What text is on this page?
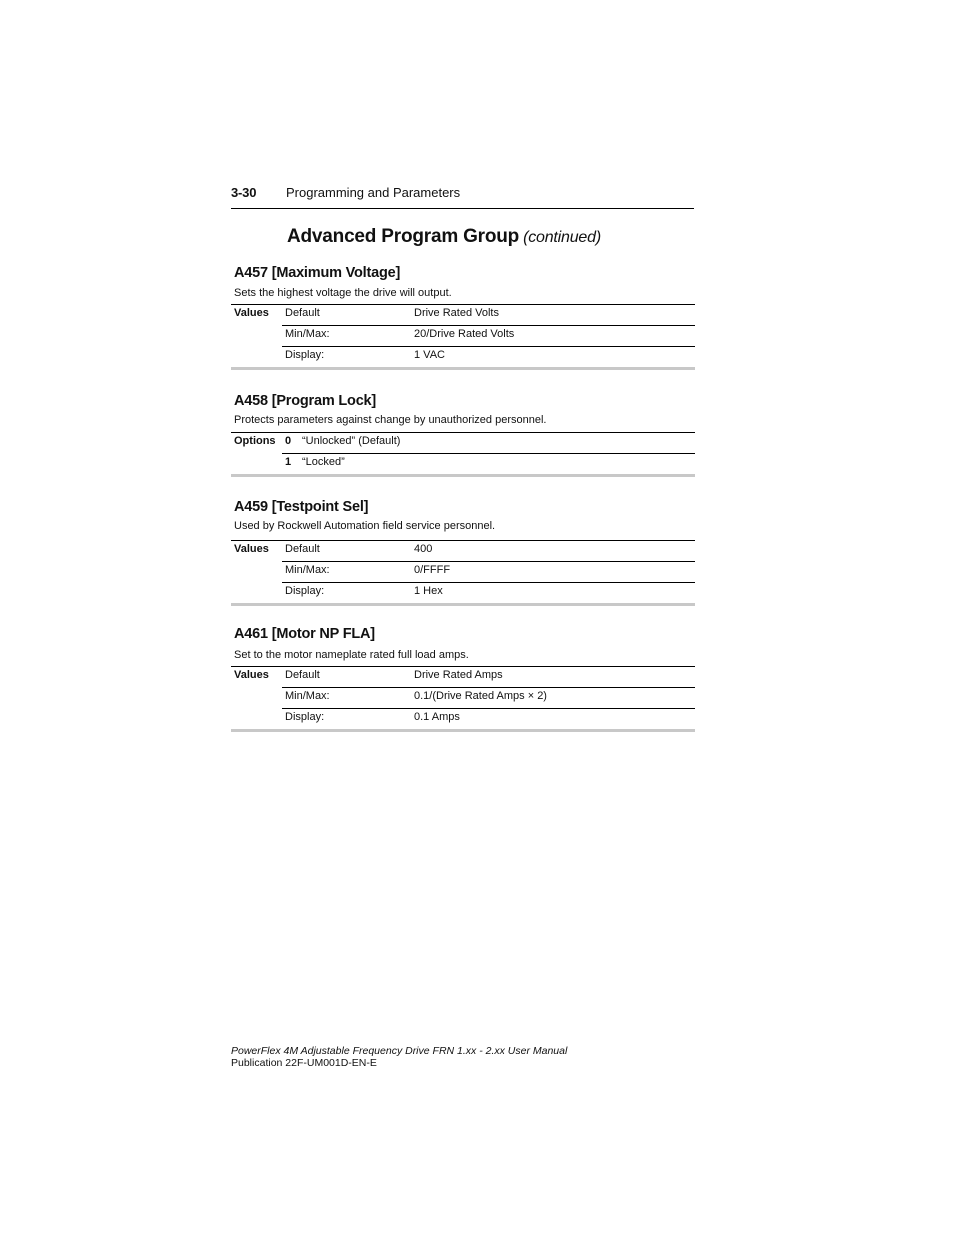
3-30 Programming and Parameters
Advanced Program Group (continued)
A457 [Maximum Voltage]
Sets the highest voltage the drive will output.
Values Default	Drive Rated Volts
Min/Max:	20/Drive Rated Volts
Display:	1 VAC
A458 [Program Lock]
Protects parameters against change by unauthorized personnel.
Options 0 “Unlocked” (Default)
1 “Locked”
A459 [Testpoint Sel]
Used by Rockwell Automation field service personnel.
Values Default	400
Min/Max:	0/FFFF
Display:	1 Hex
A461 [Motor NP FLA]
Set to the motor nameplate rated full load amps.
Values Default	Drive Rated Amps
Min/Max:	0.1/(Drive Rated Amps × 2)
Display:	0.1 Amps
PowerFlex 4M Adjustable Frequency Drive FRN 1.xx - 2.xx User Manual
Publication 22F-UM001D-EN-E
